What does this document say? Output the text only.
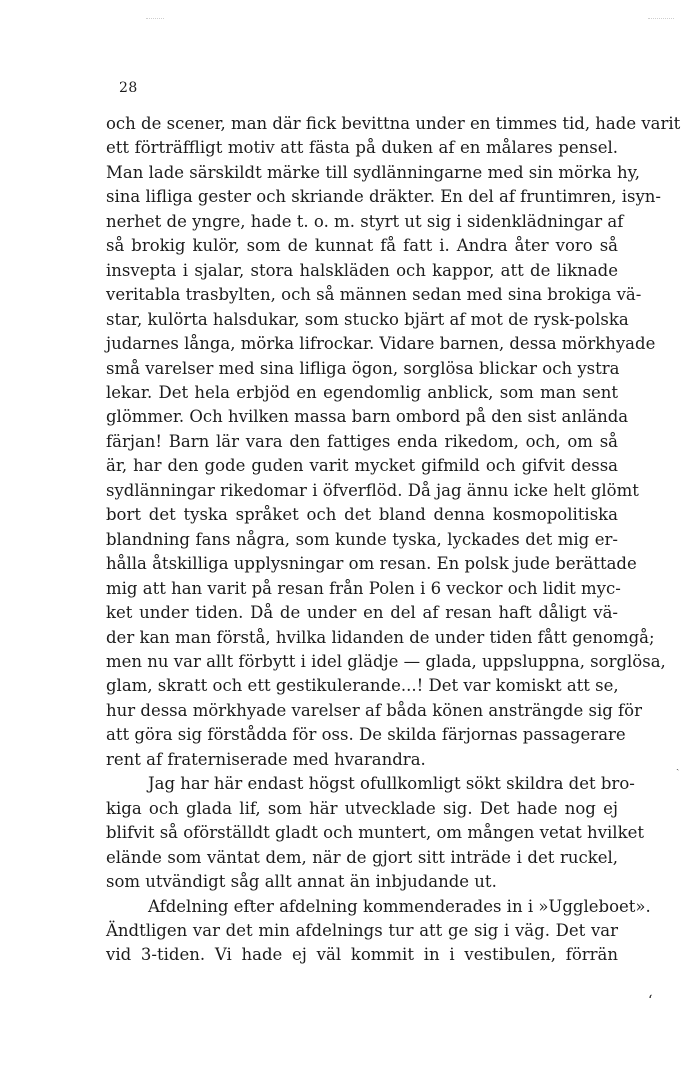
28
och de scener, man där fick bevittna under en timmes tid, hade varit
ett förträffligt motiv att fästa på duken af en målares pensel.
Man lade särskildt märke till sydlänningarne med sin mörka hy,
sina lifliga gester och skriande dräkter. En del af fruntimren, isyn-
nerhet de yngre, hade t. o. m. styrt ut sig i sidenklädningar af
så brokig kulör, som de kunnat få fatt i. Andra åter voro så
insvepta i sjalar, stora halskläden och kappor, att de liknade
veritabla trasbylten, och så männen sedan med sina brokiga vä-
star, kulörta halsdukar, som stucko bjärt af mot de rysk-polska
judarnes långa, mörka lifrockar. Vidare barnen, dessa mörkhyade
små varelser med sina lifliga ögon, sorglösa blickar och ystra
lekar. Det hela erbjöd en egendomlig anblick, som man sent
glömmer. Och hvilken massa barn ombord på den sist anlända
färjan! Barn lär vara den fattiges enda rikedom, och, om så
är, har den gode guden varit mycket gifmild och gifvit dessa
sydlänningar rikedomar i öfverflöd. Då jag ännu icke helt glömt
bort det tyska språket och det bland denna kosmopolitiska
blandning fans några, som kunde tyska, lyckades det mig er-
hålla åtskilliga upplysningar om resan. En polsk jude berättade
mig att han varit på resan från Polen i 6 veckor och lidit myc-
ket under tiden. Då de under en del af resan haft dåligt vä-
der kan man förstå, hvilka lidanden de under tiden fått genomgå;
men nu var allt förbytt i idel glädje — glada, uppsluppna, sorglösa,
glam, skratt och ett gestikulerande...! Det var komiskt att se,
hur dessa mörkhyade varelser af båda könen ansträngde sig för
att göra sig förstådda för oss. De skilda färjornas passagerare
rent af fraterniserade med hvarandra.
Jag har här endast högst ofullkomligt sökt skildra det bro-
kiga och glada lif, som här utvecklade sig. Det hade nog ej
blifvit så oförställdt gladt och muntert, om mången vetat hvilket
elände som väntat dem, när de gjort sitt inträde i det ruckel,
som utvändigt såg allt annat än inbjudande ut.
Afdelning efter afdelning kommenderades in i »Uggleboet».
Ändtligen var det min afdelnings tur att ge sig i väg. Det var
vid 3-tiden. Vi hade ej väl kommit in i vestibulen, förrän
ˎ
ʻ
